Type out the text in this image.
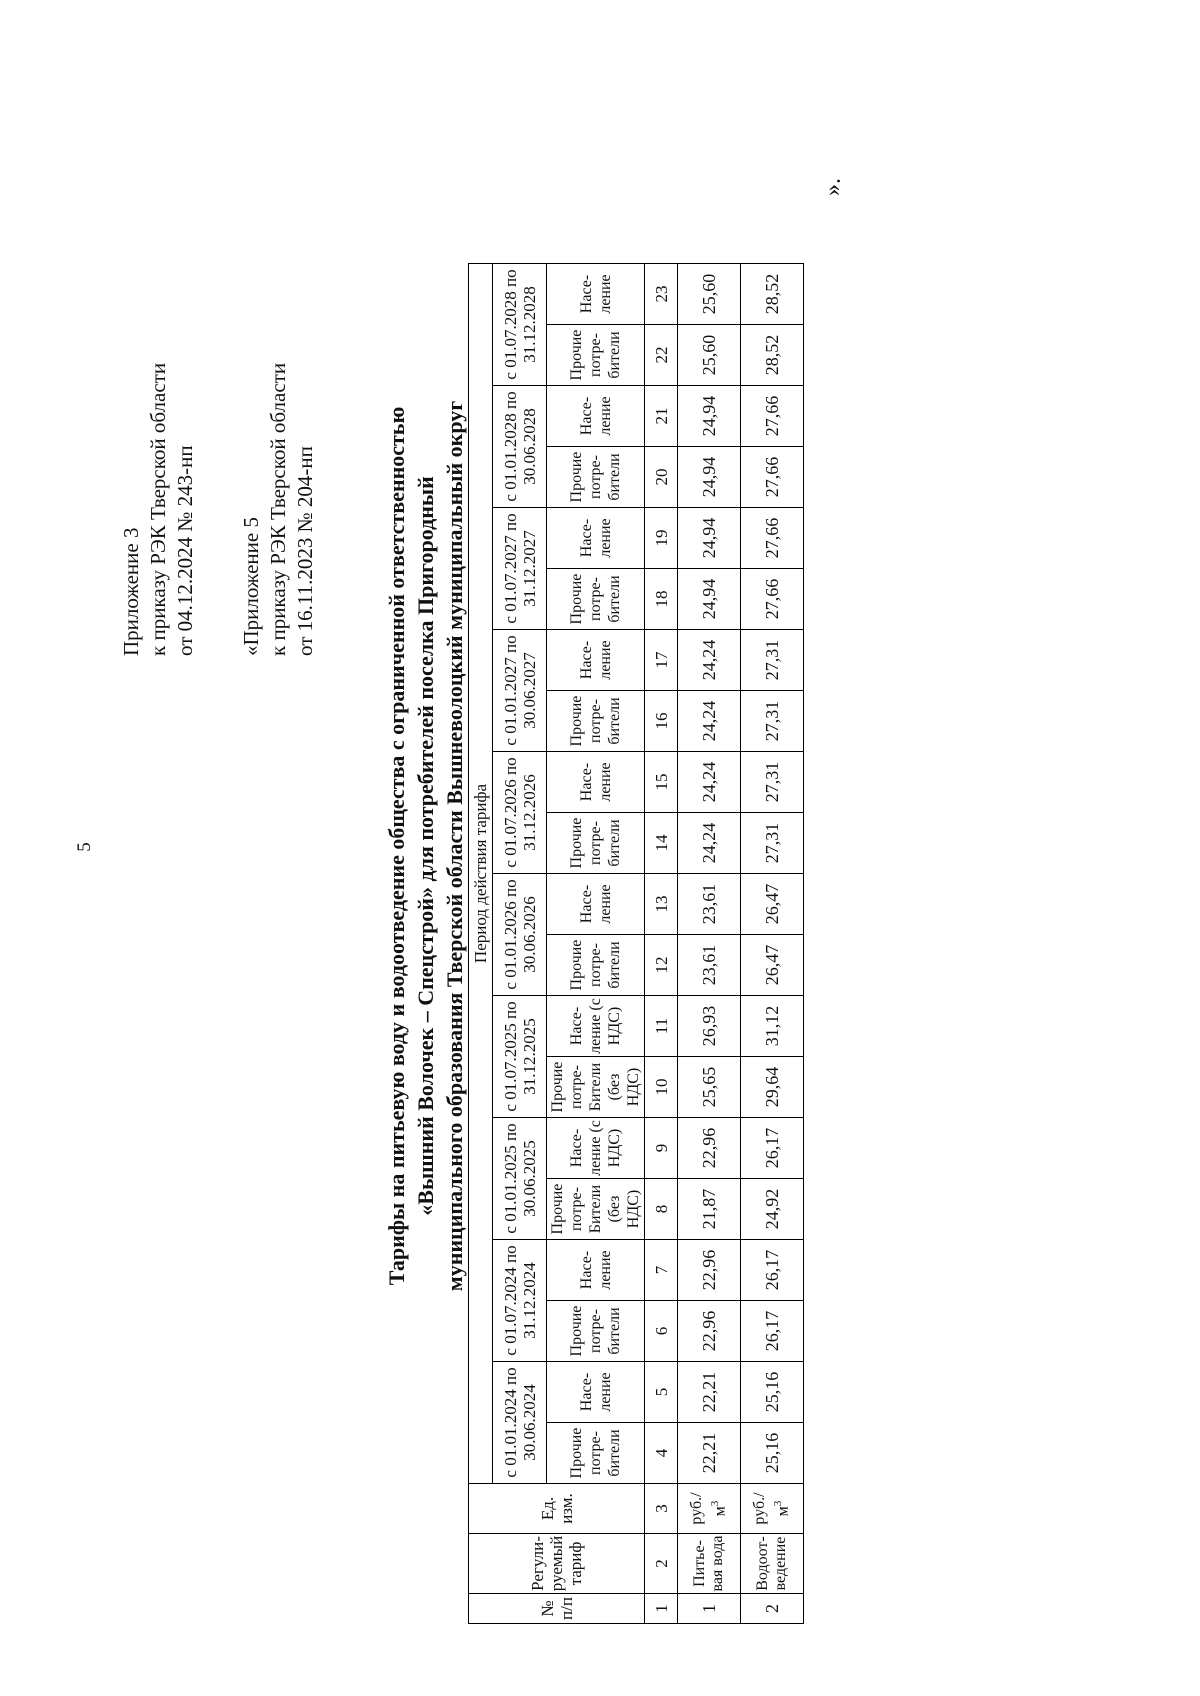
5
Приложение 3 к приказу РЭК Тверской области от 04.12.2024 № 243-нп «Приложение 5 к приказу РЭК Тверской области от 16.11.2023 № 204-нп	Тарифы на питьевую воду и водоотведение общества с ограниченной ответственностью «Вышний Волочек – Спецстрой» для потребителей поселка Пригородный муниципального образования Тверской области Вышневолоцкий муниципальный округ
№ п/п	Регули-руемый тариф	Ед. изм.	Период действия тарифа																			
			с 01.01.2024 по 30.06.2024		с 01.07.2024 по 31.12.2024		с 01.01.2025 по 30.06.2025		с 01.07.2025 по 31.12.2025		с 01.01.2026 по 30.06.2026		с 01.07.2026 по 31.12.2026		с 01.01.2027 по 30.06.2027		с 01.07.2027 по 31.12.2027		с 01.01.2028 по 30.06.2028		с 01.07.2028 по 31.12.2028	
			Прочие потре-бители	Насе-ление	Прочие потре-бители	Насе-ление	Прочие потре-Бители (без НДС)	Насе-ление (с НДС)	Прочие потре-Бители (без НДС)	Насе-ление (с НДС)	Прочие потре-бители	Насе-ление	Прочие потре-бители	Насе-ление	Прочие потре-бители	Насе-ление	Прочие потре-бители	Насе-ление	Прочие потре-бители	Насе-ление	Прочие потре-бители	Насе-ление
1	2	3	4	5	6	7	8	9	10	11	12	13	14	15	16	17	18	19	20	21	22	23
1	Питье-вая вода	$руб./м^3$	22,21	22,21	22,96	22,96	21,87	22,96	25,65	26,93	23,61	23,61	24,24	24,24	24,24	24,24	24,94	24,94	24,94	24,94	25,60	25,60
2	Водоот-ведение	$руб./м^3$	25,16	25,16	26,17	26,17	24,92	26,17	29,64	31,12	26,47	26,47	27,31	27,31	27,31	27,31	27,66	27,66	27,66	27,66	28,52	28,52
».
